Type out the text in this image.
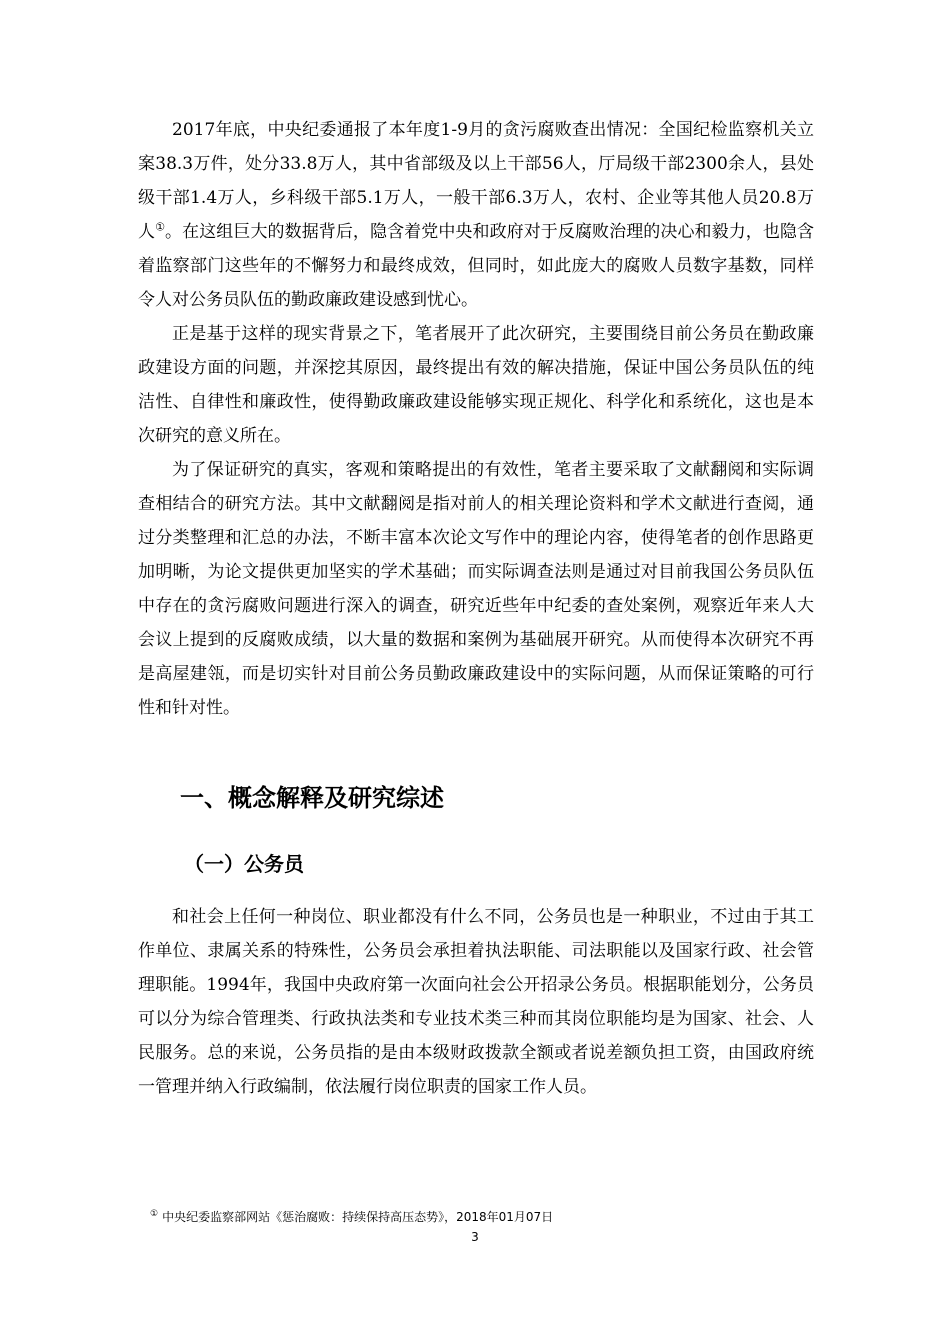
2017年底，中央纪委通报了本年度1-9月的贪污腐败查出情况：全国纪检监察机关立案38.3万件，处分33.8万人，其中省部级及以上干部56人，厅局级干部2300余人，县处级干部1.4万人，乡科级干部5.1万人，一般干部6.3万人，农村、企业等其他人员20.8万人①。在这组巨大的数据背后，隐含着党中央和政府对于反腐败治理的决心和毅力，也隐含着监察部门这些年的不懈努力和最终成效，但同时，如此庞大的腐败人员数字基数，同样令人对公务员队伍的勤政廉政建设感到忧心。

正是基于这样的现实背景之下，笔者展开了此次研究，主要围绕目前公务员在勤政廉政建设方面的问题，并深挖其原因，最终提出有效的解决措施，保证中国公务员队伍的纯洁性、自律性和廉政性，使得勤政廉政建设能够实现正规化、科学化和系统化，这也是本次研究的意义所在。

为了保证研究的真实，客观和策略提出的有效性，笔者主要采取了文献翻阅和实际调查相结合的研究方法。其中文献翻阅是指对前人的相关理论资料和学术文献进行查阅，通过分类整理和汇总的办法，不断丰富本次论文写作中的理论内容，使得笔者的创作思路更加明晰，为论文提供更加坚实的学术基础；而实际调查法则是通过对目前我国公务员队伍中存在的贪污腐败问题进行深入的调查，研究近些年中纪委的查处案例，观察近年来人大会议上提到的反腐败成绩，以大量的数据和案例为基础展开研究。从而使得本次研究不再是高屋建瓴，而是切实针对目前公务员勤政廉政建设中的实际问题，从而保证策略的可行性和针对性。

一、概念解释及研究综述
（一）公务员

和社会上任何一种岗位、职业都没有什么不同，公务员也是一种职业，不过由于其工作单位、隶属关系的特殊性，公务员会承担着执法职能、司法职能以及国家行政、社会管理职能。1994年，我国中央政府第一次面向社会公开招录公务员。根据职能划分，公务员可以分为综合管理类、行政执法类和专业技术类三种而其岗位职能均是为国家、社会、人民服务。总的来说，公务员指的是由本级财政拨款全额或者说差额负担工资，由国政府统一管理并纳入行政编制，依法履行岗位职责的国家工作人员。

① 中央纪委监察部网站《惩治腐败：持续保持高压态势》，2018年01月07日

3
